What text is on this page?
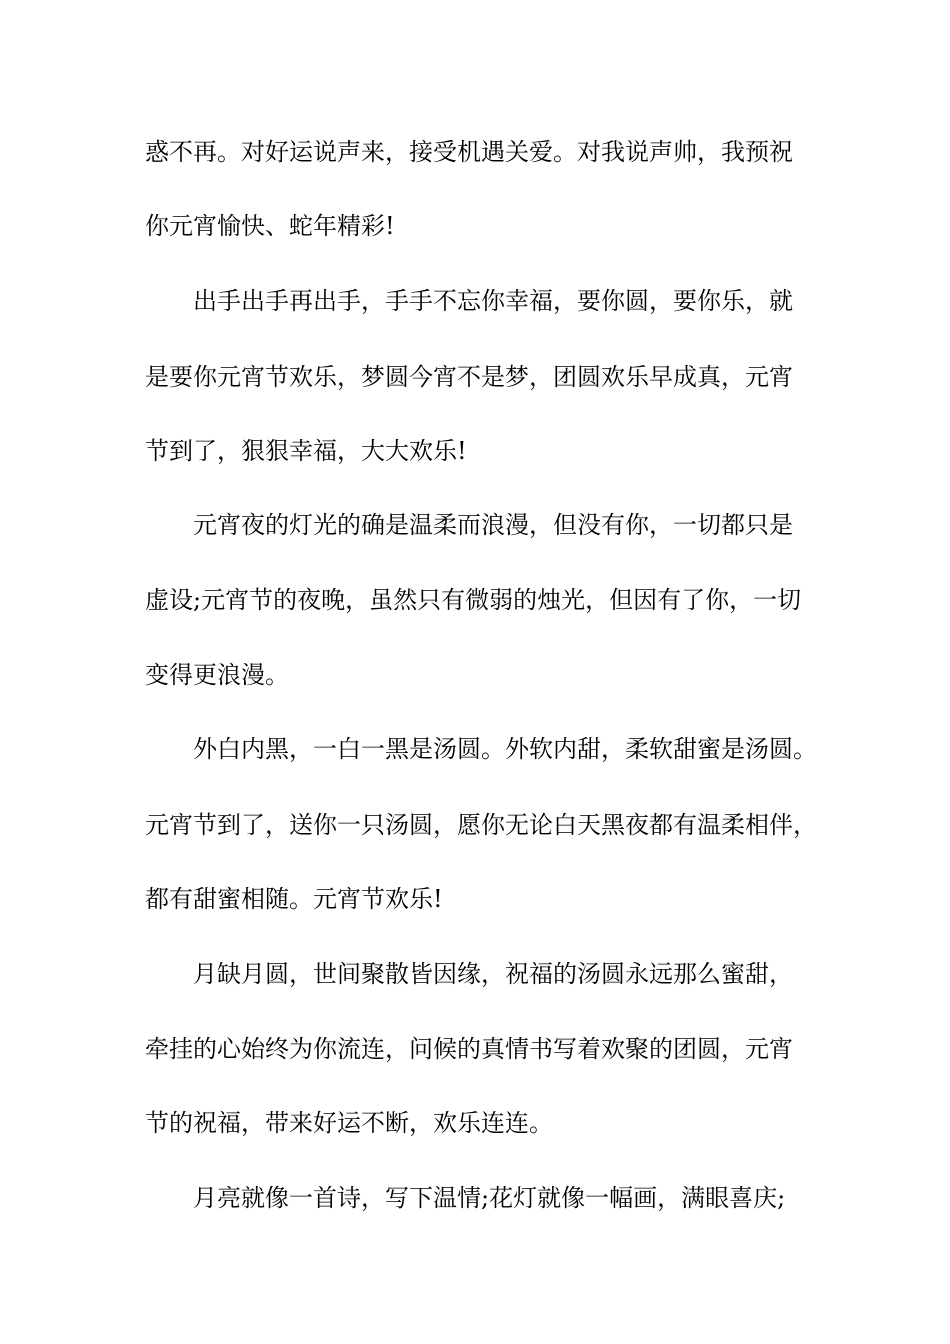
惑不再。对好运说声来，接受机遇关爱。对我说声帅，我预祝
你元宵愉快、蛇年精彩!
出手出手再出手，手手不忘你幸福，要你圆，要你乐，就
是要你元宵节欢乐，梦圆今宵不是梦，团圆欢乐早成真，元宵
节到了，狠狠幸福，大大欢乐!
元宵夜的灯光的确是温柔而浪漫，但没有你，一切都只是
虚设;元宵节的夜晚，虽然只有微弱的烛光，但因有了你，一切
变得更浪漫。
外白内黑，一白一黑是汤圆。外软内甜，柔软甜蜜是汤圆。
元宵节到了，送你一只汤圆，愿你无论白天黑夜都有温柔相伴，
都有甜蜜相随。元宵节欢乐!
月缺月圆，世间聚散皆因缘，祝福的汤圆永远那么蜜甜，
牵挂的心始终为你流连，问候的真情书写着欢聚的团圆，元宵
节的祝福，带来好运不断，欢乐连连。
月亮就像一首诗，写下温情;花灯就像一幅画，满眼喜庆;
